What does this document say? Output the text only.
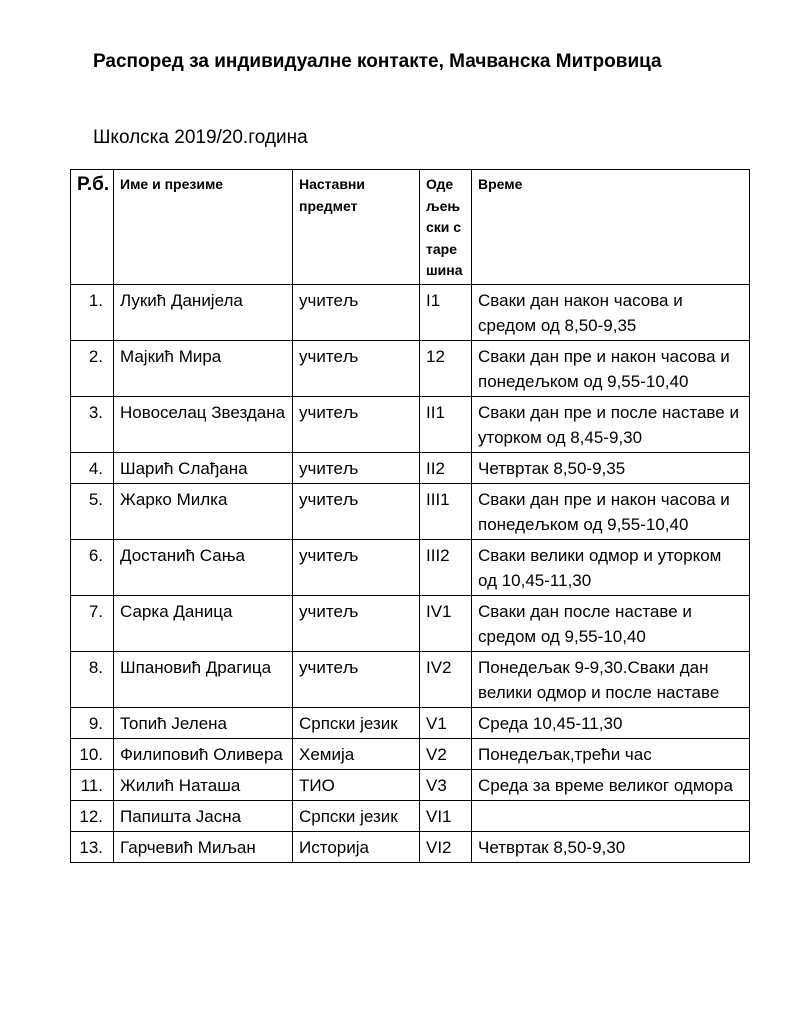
Распоред за индивидуалне контакте, Мачванска Митровица
Школска 2019/20.година
Р.б.	Име и презиме	Наставни предмет	Одељењски старешина	Време
1.	Лукић Данијела	учитељ	I1	Сваки дан након часова и средом од 8,50-9,35
2.	Мајкић Мира	учитељ	12	Сваки дан пре и након часова и понедељком од 9,55-10,40
3.	Новоселац Звездана	учитељ	II1	Сваки дан пре и после наставе и уторком од 8,45-9,30
4.	Шарић Слађана	учитељ	II2	Четвртак 8,50-9,35
5.	Жарко Милка	учитељ	III1	Сваки дан пре и након часова и понедељком од 9,55-10,40
6.	Достанић Сања	учитељ	III2	Сваки велики одмор и уторком од 10,45-11,30
7.	Сарка Даница	учитељ	IV1	Сваки дан после наставе и средом од 9,55-10,40
8.	Шпановић Драгица	учитељ	IV2	Понедељак 9-9,30.Сваки дан велики одмор и после наставе
9.	Топић Јелена	Српски језик	V1	Среда 10,45-11,30
10.	Филиповић Оливера	Хемија	V2	Понедељак,трећи час
11.	Жилић Наташа	ТИО	V3	Среда за време великог одмора
12.	Папишта Јасна	Српски језик	VI1	
13.	Гарчевић Миљан	Историја	VI2	Четвртак 8,50-9,30
